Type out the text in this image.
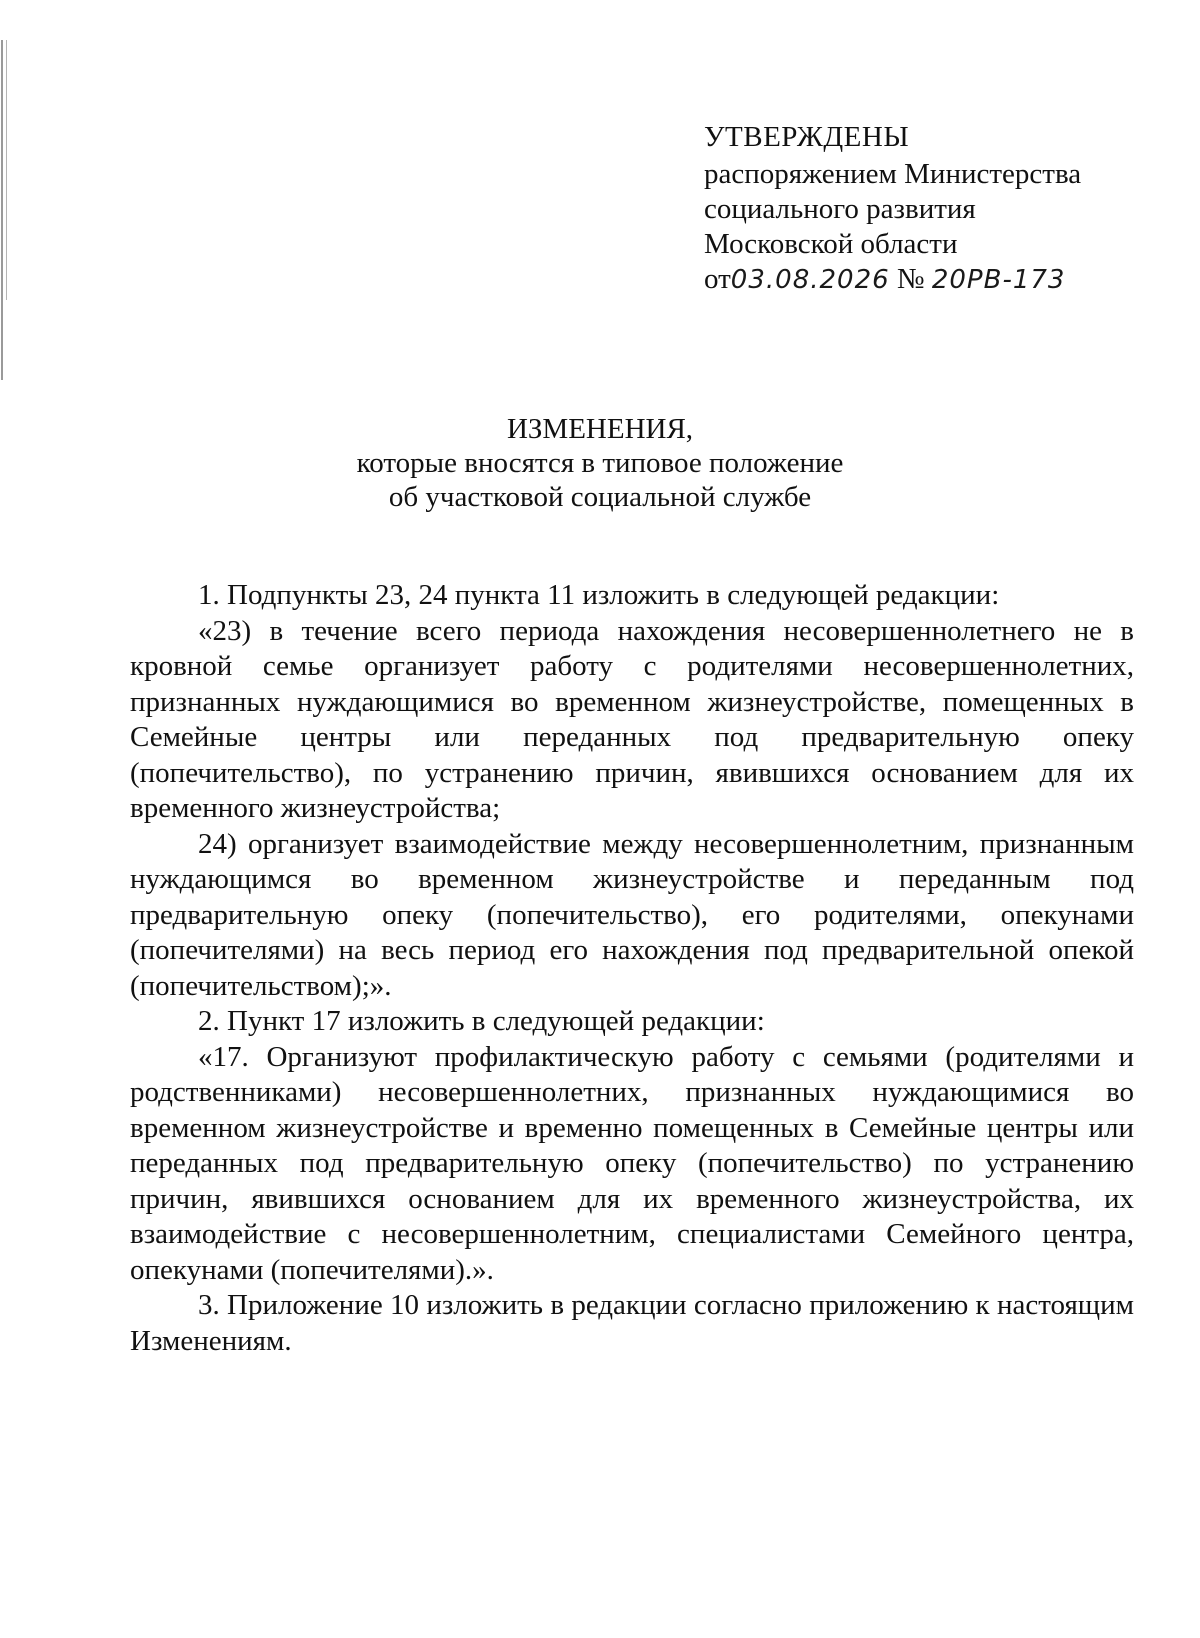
УТВЕРЖДЕНЫ
распоряжением Министерства
социального развития
Московской области
от03.08.2026 № 20РВ-173
ИЗМЕНЕНИЯ,
которые вносятся в типовое положение
об участковой социальной службе

1. Подпункты 23, 24 пункта 11 изложить в следующей редакции:

«23) в течение всего периода нахождения несовершеннолетнего не в кровной семье организует работу с родителями несовершеннолетних, признанных нуждающимися во временном жизнеустройстве, помещенных в Семейные центры или переданных под предварительную опеку (попечительство), по устранению причин, явившихся основанием для их временного жизнеустройства;

24) организует взаимодействие между несовершеннолетним, признанным нуждающимся во временном жизнеустройстве и переданным под предварительную опеку (попечительство), его родителями, опекунами (попечителями) на весь период его нахождения под предварительной опекой (попечительством);».

2. Пункт 17 изложить в следующей редакции:

«17. Организуют профилактическую работу с семьями (родителями и родственниками) несовершеннолетних, признанных нуждающимися во временном жизнеустройстве и временно помещенных в Семейные центры или переданных под предварительную опеку (попечительство) по устранению причин, явившихся основанием для их временного жизнеустройства, их взаимодействие с несовершеннолетним, специалистами Семейного центра, опекунами (попечителями).».

3. Приложение 10 изложить в редакции согласно приложению к настоящим Изменениям.
